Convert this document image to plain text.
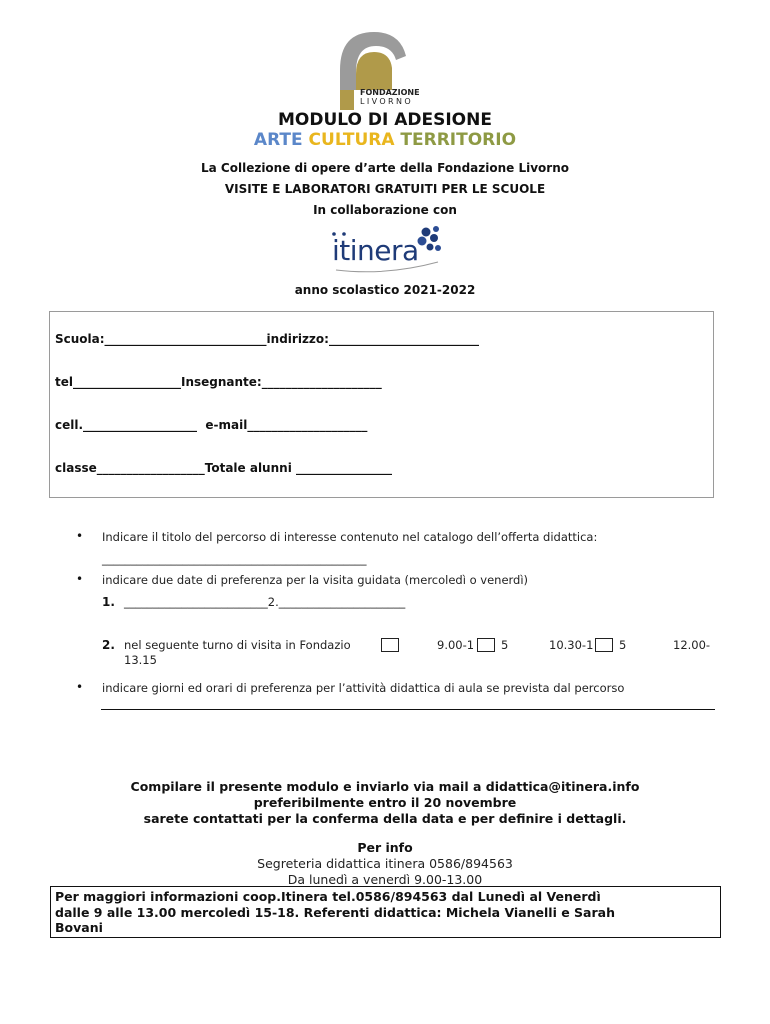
FONDAZIONE
LIVORNO
MODULO DI ADESIONE
ARTE CULTURA TERRITORIO
La Collezione di opere d’arte della Fondazione Livorno
VISITE E LABORATORI GRATUITI PER LE SCUOLE
In collaborazione con
itinera
anno scolastico 2021-2022
Scuola:___________________________indirizzo:_________________________
tel__________________Insegnante:____________________
cell.___________________  e-mail____________________
classe__________________Totale alunni ________________
• Indicare il titolo del percorso di interesse contenuto nel catalogo dell’offerta didattica:
______________________________________________
• indicare due date di preferenza per la visita guidata (mercoledì o venerdì)
1. _________________________2.______________________
2. nel seguente turno di visita in Fondazio	9.00-1 5	10.30-1 5	12.00-
13.15
• indicare giorni ed orari di preferenza per l’attività didattica di aula se prevista dal percorso
Compilare il presente modulo e inviarlo via mail a didattica@itinera.info
preferibilmente entro il 20 novembre
sarete contattati per la conferma della data e per definire i dettagli.
Per info
Segreteria didattica itinera 0586/894563
Da lunedì a venerdì 9.00-13.00
Per maggiori informazioni coop.Itinera tel.0586/894563 dal Lunedì al Venerdì
dalle 9 alle 13.00 mercoledì 15-18. Referenti didattica: Michela Vianelli e Sarah
Bovani
